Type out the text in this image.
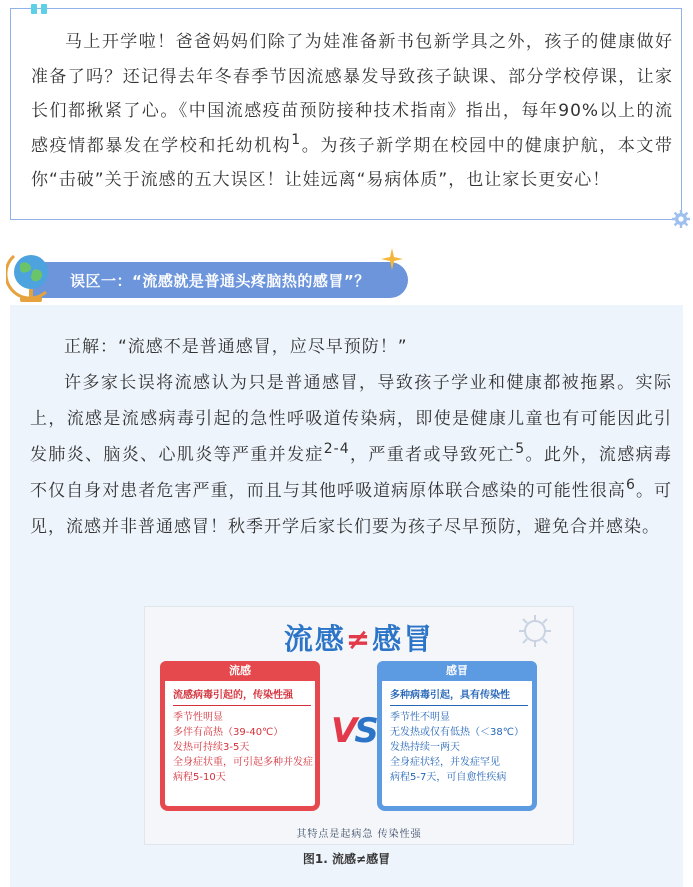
马上开学啦！爸爸妈妈们除了为娃准备新书包新学具之外，孩子的健康做好准备了吗？还记得去年冬春季节因流感暴发导致孩子缺课、部分学校停课，让家长们都揪紧了心。《中国流感疫苗预防接种技术指南》指出，每年90%以上的流感疫情都暴发在学校和托幼机构$^1$。为孩子新学期在校园中的健康护航，本文带你“击破”关于流感的五大误区！让娃远离“易病体质”，也让家长更安心！

误区一：“流感就是普通头疼脑热的感冒”？

正解：“流感不是普通感冒，应尽早预防！”

许多家长误将流感认为只是普通感冒，导致孩子学业和健康都被拖累。实际上，流感是流感病毒引起的急性呼吸道传染病，即使是健康儿童也有可能因此引发肺炎、脑炎、心肌炎等严重并发症$^{2-4}$，严重者或导致死亡$^5$。此外，流感病毒不仅自身对患者危害严重，而且与其他呼吸道病原体联合感染的可能性很高$^6$。可见，流感并非普通感冒！秋季开学后家长们要为孩子尽早预防，避免合并感染。

流感≠感冒
流感
流感病毒引起的，传染性强
季节性明显
多伴有高热（39-40℃）
发热可持续3-5天
全身症状重，可引起多种并发症
病程5-10天
VS
感冒
多种病毒引起，具有传染性
季节性不明显
无发热或仅有低热（＜38℃）
发热持续一两天
全身症状轻，并发症罕见
病程5-7天，可自愈性疾病
其特点是起病急 传染性强
图1. 流感≠感冒
